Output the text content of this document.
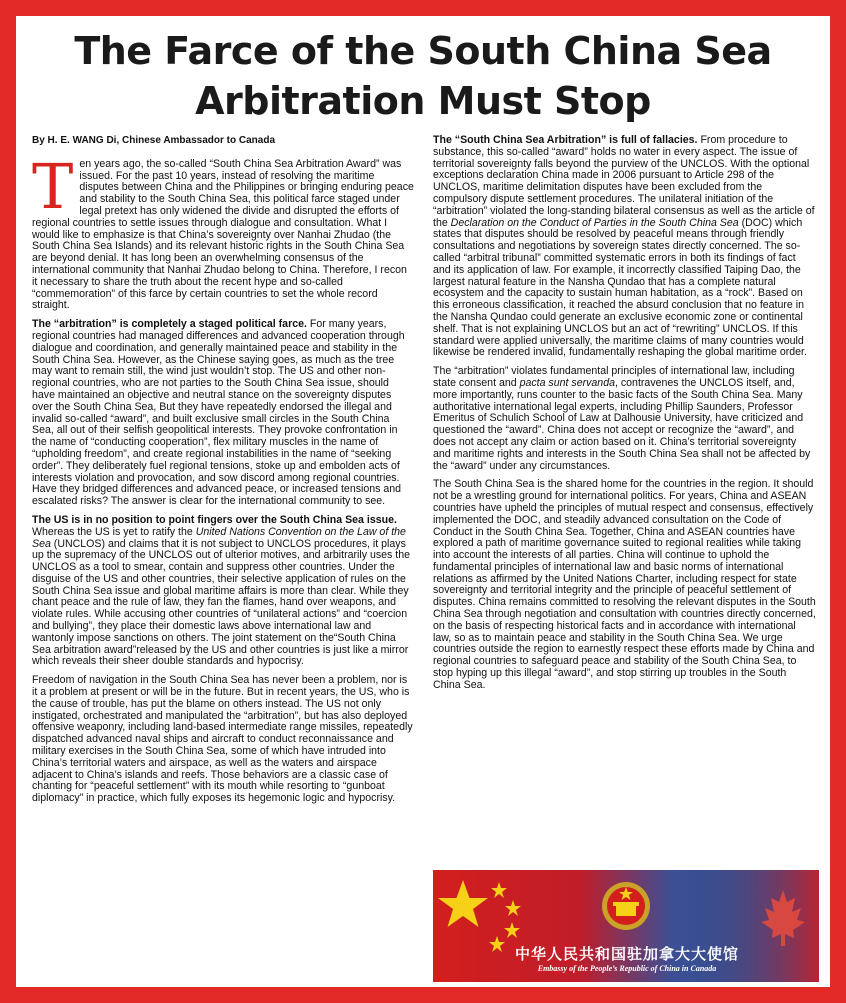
The Farce of the South China Sea
Arbitration Must Stop

By H. E. WANG Di, Chinese Ambassador to Canada

Ten years ago, the so-called “South China Sea Arbitration Award” was issued. For the past 10 years, instead of resolving the maritime disputes between China and the Philippines or bringing enduring peace and stability to the South China Sea, this political farce staged under legal pretext has only widened the divide and disrupted the efforts of regional countries to settle issues through dialogue and consultation. What I would like to emphasize is that China’s sovereignty over Nanhai Zhudao (the South China Sea Islands) and its relevant historic rights in the South China Sea are beyond denial. It has long been an overwhelming consensus of the international community that Nanhai Zhudao belong to China. Therefore, I recon it necessary to share the truth about the recent hype and so-called “commemoration” of this farce by certain countries to set the whole record straight.

The “arbitration” is completely a staged political farce. For many years, regional countries had managed differences and advanced cooperation through dialogue and coordination, and generally maintained peace and stability in the South China Sea. However, as the Chinese saying goes, as much as the tree may want to remain still, the wind just wouldn’t stop. The US and other non-regional countries, who are not parties to the South China Sea issue, should have maintained an objective and neutral stance on the sovereignty disputes over the South China Sea, But they have repeatedly endorsed the illegal and invalid so-called “award”, and built exclusive small circles in the South China Sea, all out of their selfish geopolitical interests. They provoke confrontation in the name of “conducting cooperation”, flex military muscles in the name of “upholding freedom”, and create regional instabilities in the name of “seeking order”. They deliberately fuel regional tensions, stoke up and embolden acts of interests violation and provocation, and sow discord among regional countries. Have they bridged differences and advanced peace, or increased tensions and escalated risks? The answer is clear for the international community to see.

The US is in no position to point fingers over the South China Sea issue. Whereas the US is yet to ratify the United Nations Convention on the Law of the Sea (UNCLOS) and claims that it is not subject to UNCLOS procedures, it plays up the supremacy of the UNCLOS out of ulterior motives, and arbitrarily uses the UNCLOS as a tool to smear, contain and suppress other countries. Under the disguise of the US and other countries, their selective application of rules on the South China Sea issue and global maritime affairs is more than clear. While they chant peace and the rule of law, they fan the flames, hand over weapons, and violate rules. While accusing other countries of “unilateral actions” and “coercion and bullying”, they place their domestic laws above international law and wantonly impose sanctions on others. The joint statement on the“South China Sea arbitration award”released by the US and other countries is just like a mirror which reveals their sheer double standards and hypocrisy.

Freedom of navigation in the South China Sea has never been a problem, nor is it a problem at present or will be in the future. But in recent years, the US, who is the cause of trouble, has put the blame on others instead. The US not only instigated, orchestrated and manipulated the “arbitration”, but has also deployed offensive weaponry, including land-based intermediate range missiles, repeatedly dispatched advanced naval ships and aircraft to conduct reconnaissance and military exercises in the South China Sea, some of which have intruded into China’s territorial waters and airspace, as well as the waters and airspace adjacent to China’s islands and reefs. Those behaviors are a classic case of chanting for “peaceful settlement” with its mouth while resorting to “gunboat diplomacy” in practice, which fully exposes its hegemonic logic and hypocrisy.

The “South China Sea Arbitration” is full of fallacies. From procedure to substance, this so-called “award” holds no water in every aspect. The issue of territorial sovereignty falls beyond the purview of the UNCLOS. With the optional exceptions declaration China made in 2006 pursuant to Article 298 of the UNCLOS, maritime delimitation disputes have been excluded from the compulsory dispute settlement procedures. The unilateral initiation of the “arbitration” violated the long-standing bilateral consensus as well as the article of the Declaration on the Conduct of Parties in the South China Sea (DOC) which states that disputes should be resolved by peaceful means through friendly consultations and negotiations by sovereign states directly concerned. The so-called “arbitral tribunal” committed systematic errors in both its findings of fact and its application of law. For example, it incorrectly classified Taiping Dao, the largest natural feature in the Nansha Qundao that has a complete natural ecosystem and the capacity to sustain human habitation, as a “rock”. Based on this erroneous classification, it reached the absurd conclusion that no feature in the Nansha Qundao could generate an exclusive economic zone or continental shelf. That is not explaining UNCLOS but an act of “rewriting” UNCLOS. If this standard were applied universally, the maritime claims of many countries would likewise be rendered invalid, fundamentally reshaping the global maritime order.

The “arbitration” violates fundamental principles of international law, including state consent and pacta sunt servanda, contravenes the UNCLOS itself, and, more importantly, runs counter to the basic facts of the South China Sea. Many authoritative international legal experts, including Phillip Saunders, Professor Emeritus of Schulich School of Law at Dalhousie University, have criticized and questioned the “award”. China does not accept or recognize the “award”, and does not accept any claim or action based on it. China’s territorial sovereignty and maritime rights and interests in the South China Sea shall not be affected by the “award” under any circumstances.

The South China Sea is the shared home for the countries in the region. It should not be a wrestling ground for international politics. For years, China and ASEAN countries have upheld the principles of mutual respect and consensus, effectively implemented the DOC, and steadily advanced consultation on the Code of Conduct in the South China Sea. Together, China and ASEAN countries have explored a path of maritime governance suited to regional realities while taking into account the interests of all parties. China will continue to uphold the fundamental principles of international law and basic norms of international relations as affirmed by the United Nations Charter, including respect for state sovereignty and territorial integrity and the principle of peaceful settlement of disputes. China remains committed to resolving the relevant disputes in the South China Sea through negotiation and consultation with countries directly concerned, on the basis of respecting historical facts and in accordance with international law, so as to maintain peace and stability in the South China Sea. We urge countries outside the region to earnestly respect these efforts made by China and regional countries to safeguard peace and stability of the South China Sea, to stop hyping up this illegal “award”, and stop stirring up troubles in the South China Sea.

中华人民共和国驻加拿大大使馆
Embassy of the People’s Republic of China in Canada
